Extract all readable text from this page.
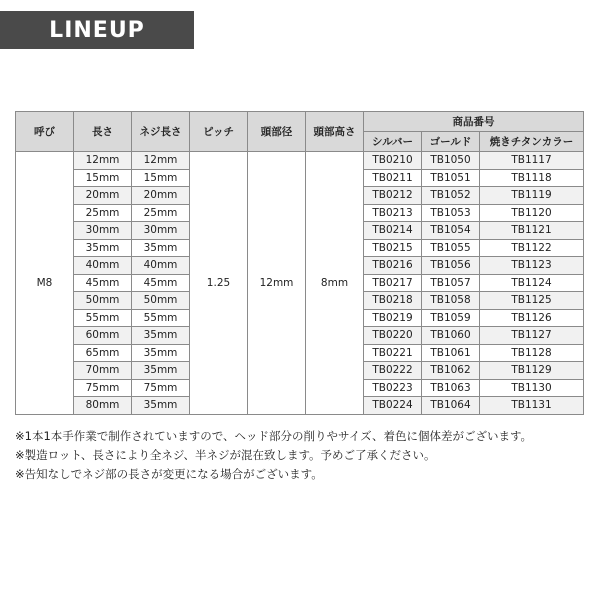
LINEUP
呼び	長さ	ネジ長さ	ピッチ	頭部径	頭部高さ	商品番号		
						シルバー	ゴールド	焼きチタンカラー
M8	12mm	12mm	1.25	12mm	8mm	TB0210	TB1050	TB1117
	15mm	15mm				TB0211	TB1051	TB1118
	20mm	20mm				TB0212	TB1052	TB1119
	25mm	25mm				TB0213	TB1053	TB1120
	30mm	30mm				TB0214	TB1054	TB1121
	35mm	35mm				TB0215	TB1055	TB1122
	40mm	40mm				TB0216	TB1056	TB1123
	45mm	45mm				TB0217	TB1057	TB1124
	50mm	50mm				TB0218	TB1058	TB1125
	55mm	55mm				TB0219	TB1059	TB1126
	60mm	35mm				TB0220	TB1060	TB1127
	65mm	35mm				TB0221	TB1061	TB1128
	70mm	35mm				TB0222	TB1062	TB1129
	75mm	75mm				TB0223	TB1063	TB1130
	80mm	35mm				TB0224	TB1064	TB1131
※1本1本手作業で制作されていますので、ヘッド部分の削りやサイズ、着色に個体差がございます。
※製造ロット、長さにより全ネジ、半ネジが混在致します。予めご了承ください。
※告知なしでネジ部の長さが変更になる場合がございます。
